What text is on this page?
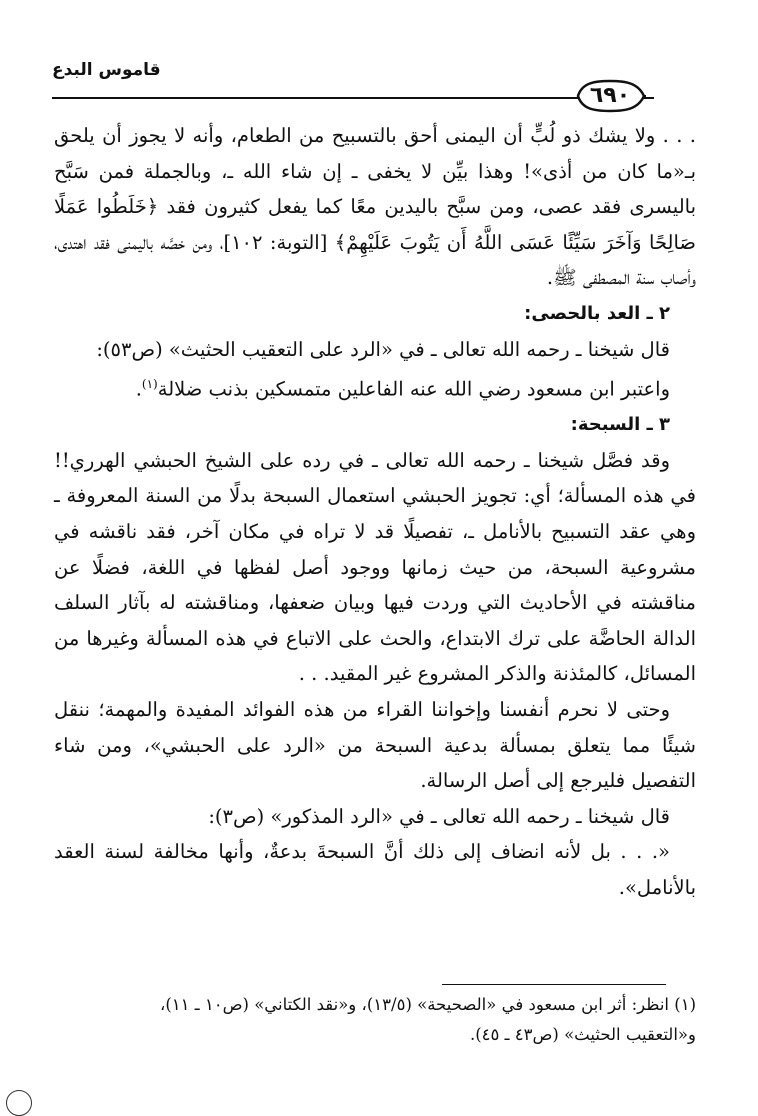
قاموس البدع
٦٩٠

. . . ولا يشك ذو لُبٍّ أن اليمنى أحق بالتسبيح من الطعام، وأنه لا يجوز أن يلحق بـ«ما كان من أذى»! وهذا بيِّن لا يخفى ـ إن شاء الله ـ، وبالجملة فمن سَبَّح باليسرى فقد عصى، ومن سبَّح باليدين معًا كما يفعل كثيرون فقد ﴿خَلَطُوا عَمَلًا صَالِحًا وَآخَرَ سَيِّئًا عَسَى اللَّهُ أَن يَتُوبَ عَلَيْهِمْ﴾ [التوبة: ١٠٢]، ومن خصَّه باليمنى فقد اهتدى، وأصاب سنة المصطفى ﷺ.

٢ ـ العد بالحصى:

قال شيخنا ـ رحمه الله تعالى ـ في «الرد على التعقيب الحثيث» (ص٥٣):

واعتبر ابن مسعود رضي الله عنه الفاعلين متمسكين بذنب ضلالة$^{(١)}$.

٣ ـ السبحة:

وقد فصَّل شيخنا ـ رحمه الله تعالى ـ في رده على الشيخ الحبشي الهرري!! في هذه المسألة؛ أي: تجويز الحبشي استعمال السبحة بدلًا من السنة المعروفة ـ وهي عقد التسبيح بالأنامل ـ، تفصيلًا قد لا تراه في مكان آخر، فقد ناقشه في مشروعية السبحة، من حيث زمانها ووجود أصل لفظها في اللغة، فضلًا عن مناقشته في الأحاديث التي وردت فيها وبيان ضعفها، ومناقشته له بآثار السلف الدالة الحاضَّة على ترك الابتداع، والحث على الاتباع في هذه المسألة وغيرها من المسائل، كالمئذنة والذكر المشروع غير المقيد. . .

وحتى لا نحرم أنفسنا وإخواننا القراء من هذه الفوائد المفيدة والمهمة؛ ننقل شيئًا مما يتعلق بمسألة بدعية السبحة من «الرد على الحبشي»، ومن شاء التفصيل فليرجع إلى أصل الرسالة.

قال شيخنا ـ رحمه الله تعالى ـ في «الرد المذكور» (ص٣):

«. . . بل لأنه انضاف إلى ذلك أنَّ السبحةَ بدعةٌ، وأنها مخالفة لسنة العقد بالأنامل».

(١) انظر: أثر ابن مسعود في «الصحيحة» (١٣/٥)، و«نقد الكتاني» (ص١٠ ـ ١١)،

و«التعقيب الحثيث» (ص٤٣ ـ ٤٥).
